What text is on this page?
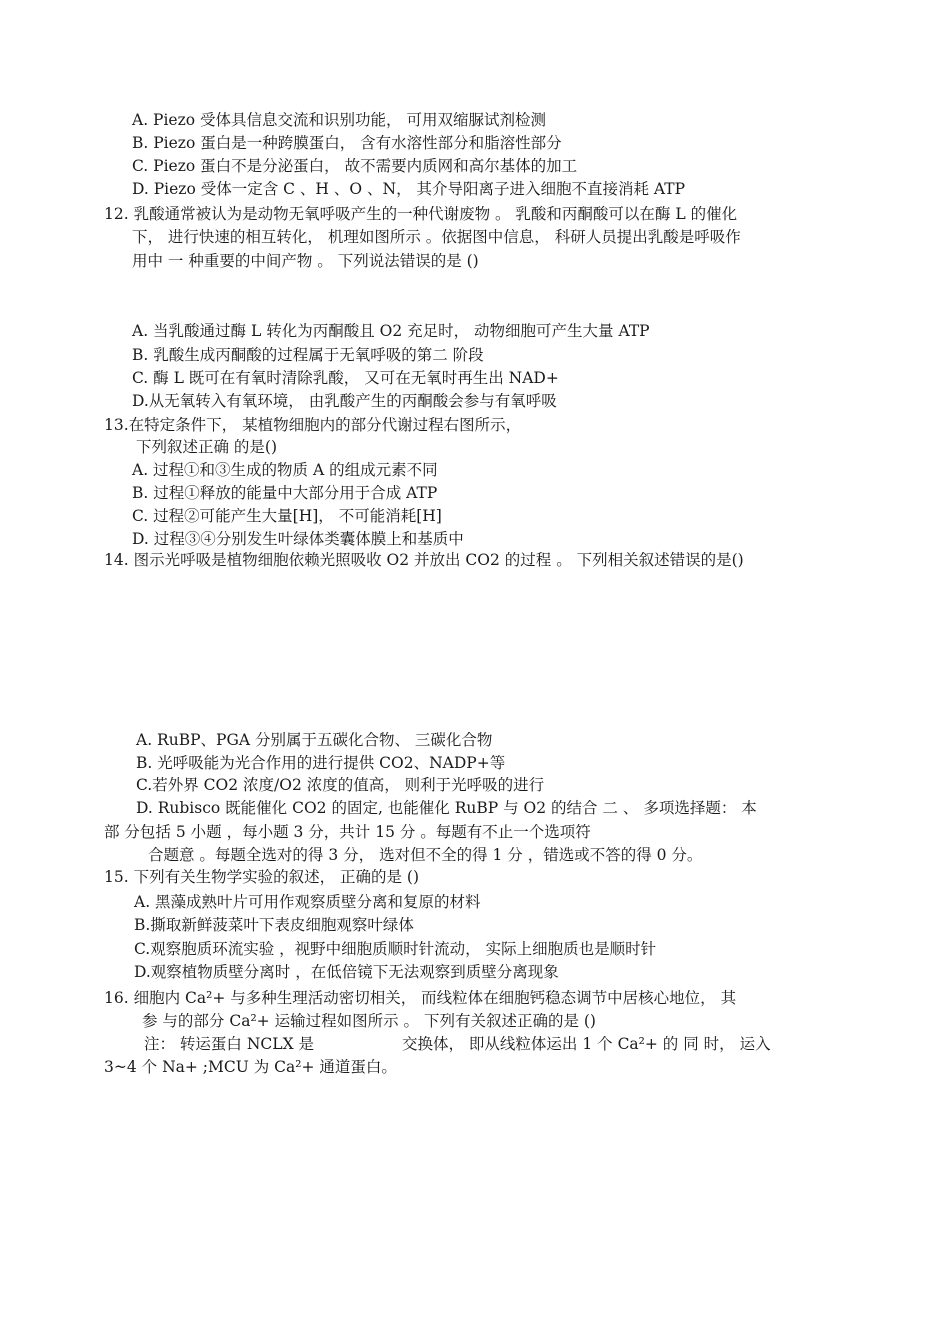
A. Piezo 受体具信息交流和识别功能， 可用双缩脲试剂检测
B. Piezo 蛋白是一种跨膜蛋白， 含有水溶性部分和脂溶性部分
C. Piezo 蛋白不是分泌蛋白， 故不需要内质网和高尔基体的加工
D. Piezo 受体一定含 C 、H 、O 、N， 其介导阳离子进入细胞不直接消耗 ATP
12. 乳酸通常被认为是动物无氧呼吸产生的一种代谢废物 。 乳酸和丙酮酸可以在酶 L 的催化
下， 进行快速的相互转化， 机理如图所示 。依据图中信息， 科研人员提出乳酸是呼吸作
用中 一 种重要的中间产物 。 下列说法错误的是 ()
A. 当乳酸通过酶 L 转化为丙酮酸且 O2 充足时， 动物细胞可产生大量 ATP
B. 乳酸生成丙酮酸的过程属于无氧呼吸的第二 阶段
C. 酶 L 既可在有氧时清除乳酸， 又可在无氧时再生出 NAD+
D.从无氧转入有氧环境， 由乳酸产生的丙酮酸会参与有氧呼吸
13.在特定条件下， 某植物细胞内的部分代谢过程右图所示，
下列叙述正确 的是()
A. 过程①和③生成的物质 A 的组成元素不同
B. 过程①释放的能量中大部分用于合成 ATP
C. 过程②可能产生大量[H]， 不可能消耗[H]
D. 过程③④分别发生叶绿体类囊体膜上和基质中
14. 图示光呼吸是植物细胞依赖光照吸收 O2 并放出 CO2 的过程 。 下列相关叙述错误的是()
A. RuBP、PGA 分别属于五碳化合物、 三碳化合物
B. 光呼吸能为光合作用的进行提供 CO2、NADP+等
C.若外界 CO2 浓度/O2 浓度的值高， 则利于光呼吸的进行
D. Rubisco 既能催化 CO2 的固定, 也能催化 RuBP 与 O2 的结合 二 、 多项选择题： 本
部 分包括 5 小题 ，每小题 3 分，共计 15 分 。每题有不止一个选项符
合题意 。每题全选对的得 3 分， 选对但不全的得 1 分 ，错选或不答的得 0 分。
15. 下列有关生物学实验的叙述， 正确的是 ()
A. 黑藻成熟叶片可用作观察质壁分离和复原的材料
B.撕取新鲜菠菜叶下表皮细胞观察叶绿体
C.观察胞质环流实验 ，视野中细胞质顺时针流动， 实际上细胞质也是顺时针
D.观察植物质壁分离时 ，在低倍镜下无法观察到质壁分离现象
16. 细胞内 Ca²+ 与多种生理活动密切相关， 而线粒体在细胞钙稳态调节中居核心地位， 其
参 与的部分 Ca²+ 运输过程如图所示 。 下列有关叙述正确的是 ()
注： 转运蛋白 NCLX 是	交换体， 即从线粒体运出 1 个 Ca²+ 的 同 时， 运入
3~4 个 Na+ ;MCU 为 Ca²+ 通道蛋白。
